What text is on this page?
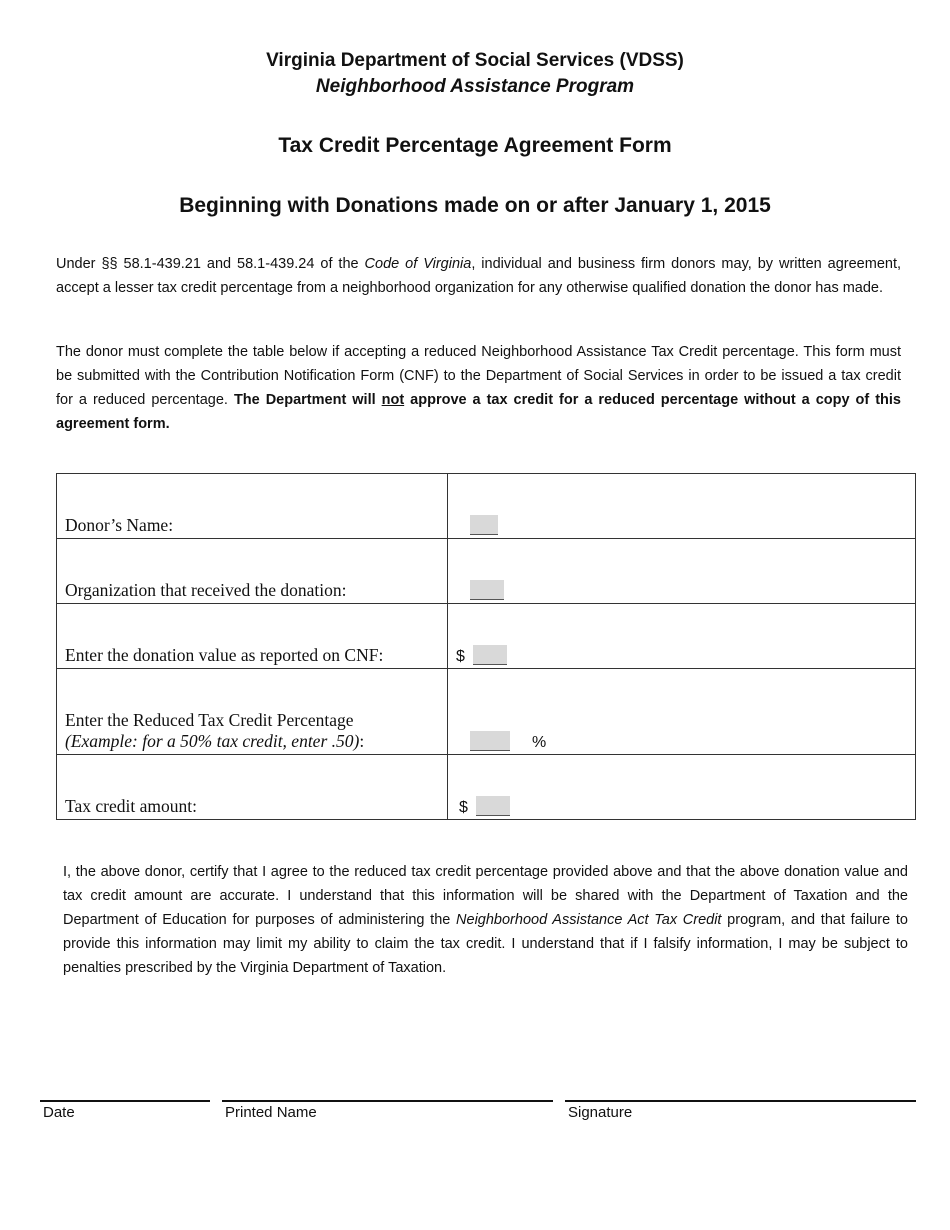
Virginia Department of Social Services (VDSS)
Neighborhood Assistance Program
Tax Credit Percentage Agreement Form
Beginning with Donations made on or after January 1, 2015
Under §§ 58.1-439.21 and 58.1-439.24 of the Code of Virginia, individual and business firm donors may, by written agreement, accept a lesser tax credit percentage from a neighborhood organization for any otherwise qualified donation the donor has made.
The donor must complete the table below if accepting a reduced Neighborhood Assistance Tax Credit percentage. This form must be submitted with the Contribution Notification Form (CNF) to the Department of Social Services in order to be issued a tax credit for a reduced percentage. The Department will not approve a tax credit for a reduced percentage without a copy of this agreement form.
Donor’s Name:	
Organization that received the donation:	
Enter the donation value as reported on CNF:	$
Enter the Reduced Tax Credit Percentage
(Example: for a 50% tax credit, enter .50):	%
Tax credit amount:	$
I, the above donor, certify that I agree to the reduced tax credit percentage provided above and that the above donation value and tax credit amount are accurate. I understand that this information will be shared with the Department of Taxation and the Department of Education for purposes of administering the Neighborhood Assistance Act Tax Credit program, and that failure to provide this information may limit my ability to claim the tax credit. I understand that if I falsify information, I may be subject to penalties prescribed by the Virginia Department of Taxation.
Date	Printed Name	Signature
